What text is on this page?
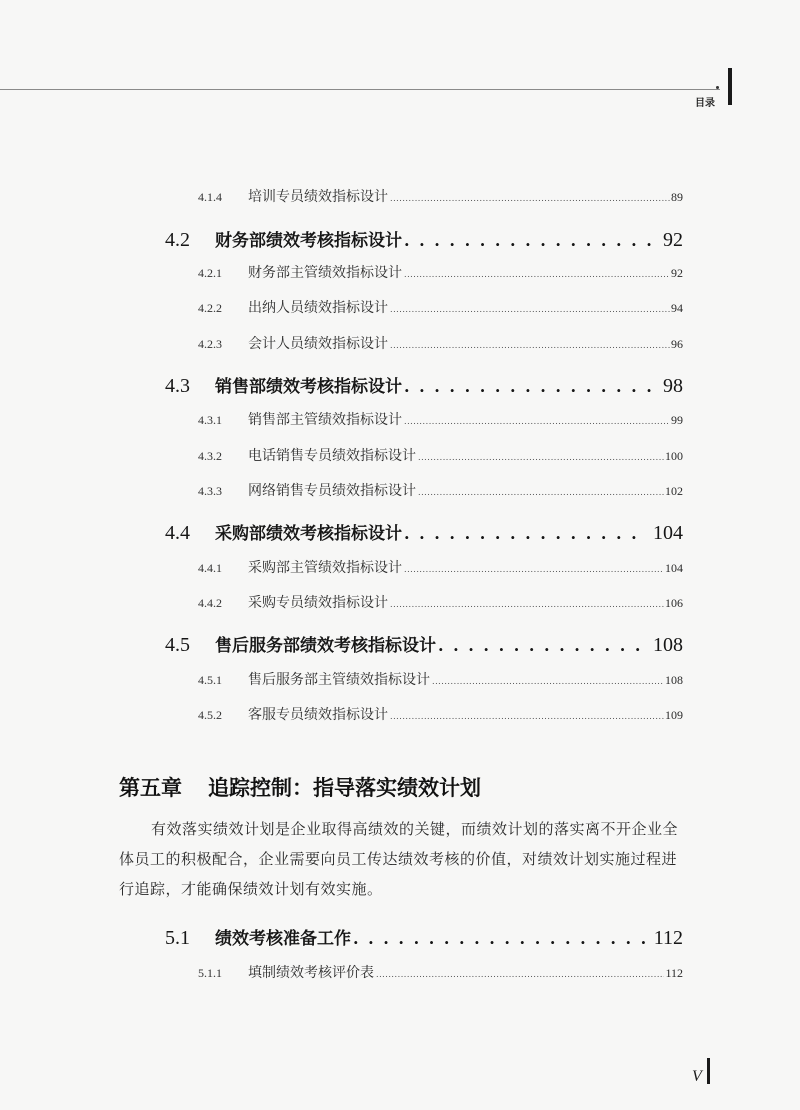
目录
4.1.4	培训专员绩效指标设计 . . .	89
4.2	财务部绩效考核指标设计 . . .	92
4.2.1	财务部主管绩效指标设计 . . .	92
4.2.2	出纳人员绩效指标设计 . . .	94
4.2.3	会计人员绩效指标设计 . . .	96
4.3	销售部绩效考核指标设计 . . .	98
4.3.1	销售部主管绩效指标设计 . . .	99
4.3.2	电话销售专员绩效指标设计 . . .	100
4.3.3	网络销售专员绩效指标设计 . . .	102
4.4	采购部绩效考核指标设计 . . .	104
4.4.1	采购部主管绩效指标设计 . . .	104
4.4.2	采购专员绩效指标设计 . . .	106
4.5	售后服务部绩效考核指标设计 . . .	108
4.5.1	售后服务部主管绩效指标设计 . . .	108
4.5.2	客服专员绩效指标设计 . . .	109
5.1	绩效考核准备工作 . . .	112
5.1.1	填制绩效考核评价表 . . .	112
第五章 追踪控制：指导落实绩效计划
有效落实绩效计划是企业取得高绩效的关键，而绩效计划的落实离不开企业全体员工的积极配合，企业需要向员工传达绩效考核的价值，对绩效计划实施过程进行追踪，才能确保绩效计划有效实施。
V
